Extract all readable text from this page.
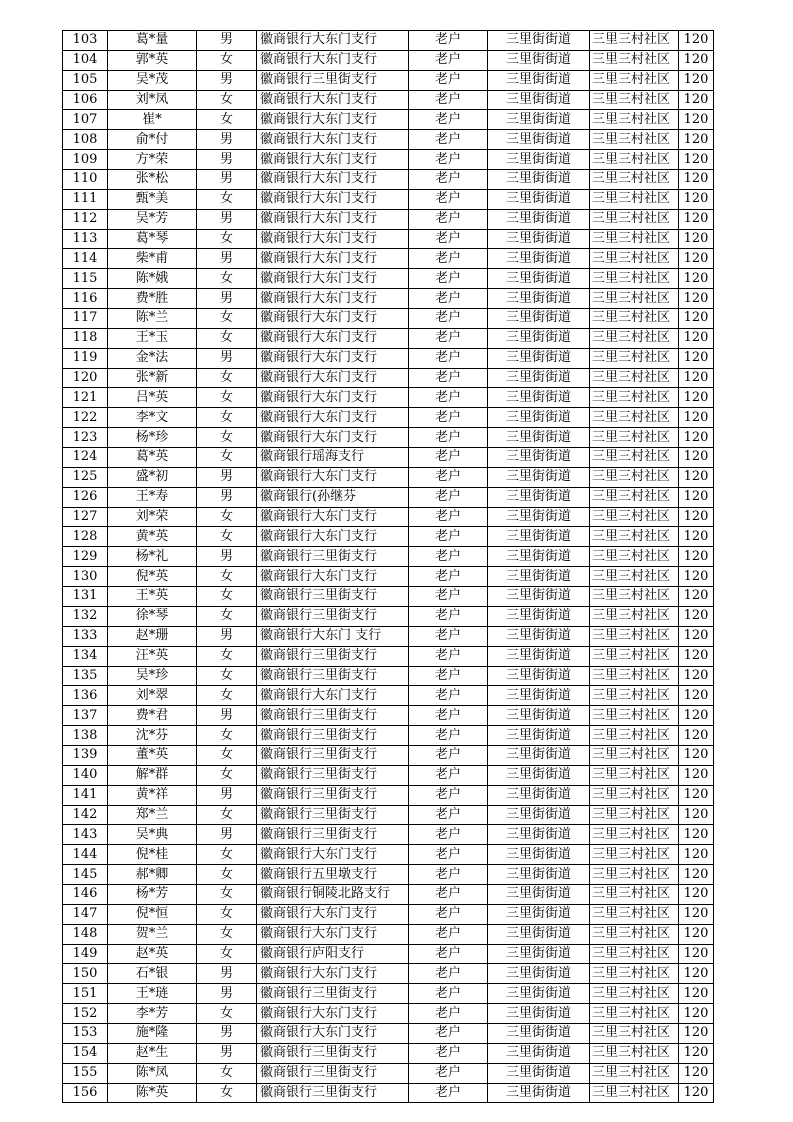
103	葛*量	男	徽商银行大东门支行	老户	三里街街道	三里三村社区	120
104	郭*英	女	徽商银行大东门支行	老户	三里街街道	三里三村社区	120
105	吴*茂	男	徽商银行三里街支行	老户	三里街街道	三里三村社区	120
106	刘*凤	女	徽商银行大东门支行	老户	三里街街道	三里三村社区	120
107	崔*	女	徽商银行大东门支行	老户	三里街街道	三里三村社区	120
108	俞*付	男	徽商银行大东门支行	老户	三里街街道	三里三村社区	120
109	方*荣	男	徽商银行大东门支行	老户	三里街街道	三里三村社区	120
110	张*松	男	徽商银行大东门支行	老户	三里街街道	三里三村社区	120
111	甄*美	女	徽商银行大东门支行	老户	三里街街道	三里三村社区	120
112	吴*芳	男	徽商银行大东门支行	老户	三里街街道	三里三村社区	120
113	葛*琴	女	徽商银行大东门支行	老户	三里街街道	三里三村社区	120
114	柴*甫	男	徽商银行大东门支行	老户	三里街街道	三里三村社区	120
115	陈*娥	女	徽商银行大东门支行	老户	三里街街道	三里三村社区	120
116	费*胜	男	徽商银行大东门支行	老户	三里街街道	三里三村社区	120
117	陈*兰	女	徽商银行大东门支行	老户	三里街街道	三里三村社区	120
118	王*玉	女	徽商银行大东门支行	老户	三里街街道	三里三村社区	120
119	金*法	男	徽商银行大东门支行	老户	三里街街道	三里三村社区	120
120	张*新	女	徽商银行大东门支行	老户	三里街街道	三里三村社区	120
121	吕*英	女	徽商银行大东门支行	老户	三里街街道	三里三村社区	120
122	李*文	女	徽商银行大东门支行	老户	三里街街道	三里三村社区	120
123	杨*珍	女	徽商银行大东门支行	老户	三里街街道	三里三村社区	120
124	葛*英	女	徽商银行瑶海支行	老户	三里街街道	三里三村社区	120
125	盛*初	男	徽商银行大东门支行	老户	三里街街道	三里三村社区	120
126	王*寿	男	徽商银行(孙继芬	老户	三里街街道	三里三村社区	120
127	刘*荣	女	徽商银行大东门支行	老户	三里街街道	三里三村社区	120
128	黄*英	女	徽商银行大东门支行	老户	三里街街道	三里三村社区	120
129	杨*礼	男	徽商银行三里街支行	老户	三里街街道	三里三村社区	120
130	倪*英	女	徽商银行大东门支行	老户	三里街街道	三里三村社区	120
131	王*英	女	徽商银行三里街支行	老户	三里街街道	三里三村社区	120
132	徐*琴	女	徽商银行三里街支行	老户	三里街街道	三里三村社区	120
133	赵*珊	男	徽商银行大东门 支行	老户	三里街街道	三里三村社区	120
134	汪*英	女	徽商银行三里街支行	老户	三里街街道	三里三村社区	120
135	吴*珍	女	徽商银行三里街支行	老户	三里街街道	三里三村社区	120
136	刘*翠	女	徽商银行大东门支行	老户	三里街街道	三里三村社区	120
137	费*君	男	徽商银行三里街支行	老户	三里街街道	三里三村社区	120
138	沈*芬	女	徽商银行三里街支行	老户	三里街街道	三里三村社区	120
139	董*英	女	徽商银行三里街支行	老户	三里街街道	三里三村社区	120
140	解*群	女	徽商银行三里街支行	老户	三里街街道	三里三村社区	120
141	黄*祥	男	徽商银行三里街支行	老户	三里街街道	三里三村社区	120
142	郑*兰	女	徽商银行三里街支行	老户	三里街街道	三里三村社区	120
143	吴*典	男	徽商银行三里街支行	老户	三里街街道	三里三村社区	120
144	倪*桂	女	徽商银行大东门支行	老户	三里街街道	三里三村社区	120
145	郝*卿	女	徽商银行五里墩支行	老户	三里街街道	三里三村社区	120
146	杨*芳	女	徽商银行铜陵北路支行	老户	三里街街道	三里三村社区	120
147	倪*恒	女	徽商银行大东门支行	老户	三里街街道	三里三村社区	120
148	贺*兰	女	徽商银行大东门支行	老户	三里街街道	三里三村社区	120
149	赵*英	女	徽商银行庐阳支行	老户	三里街街道	三里三村社区	120
150	石*银	男	徽商银行大东门支行	老户	三里街街道	三里三村社区	120
151	王*琏	男	徽商银行三里街支行	老户	三里街街道	三里三村社区	120
152	李*芳	女	徽商银行大东门支行	老户	三里街街道	三里三村社区	120
153	施*隆	男	徽商银行大东门支行	老户	三里街街道	三里三村社区	120
154	赵*生	男	徽商银行三里街支行	老户	三里街街道	三里三村社区	120
155	陈*凤	女	徽商银行三里街支行	老户	三里街街道	三里三村社区	120
156	陈*英	女	徽商银行三里街支行	老户	三里街街道	三里三村社区	120
